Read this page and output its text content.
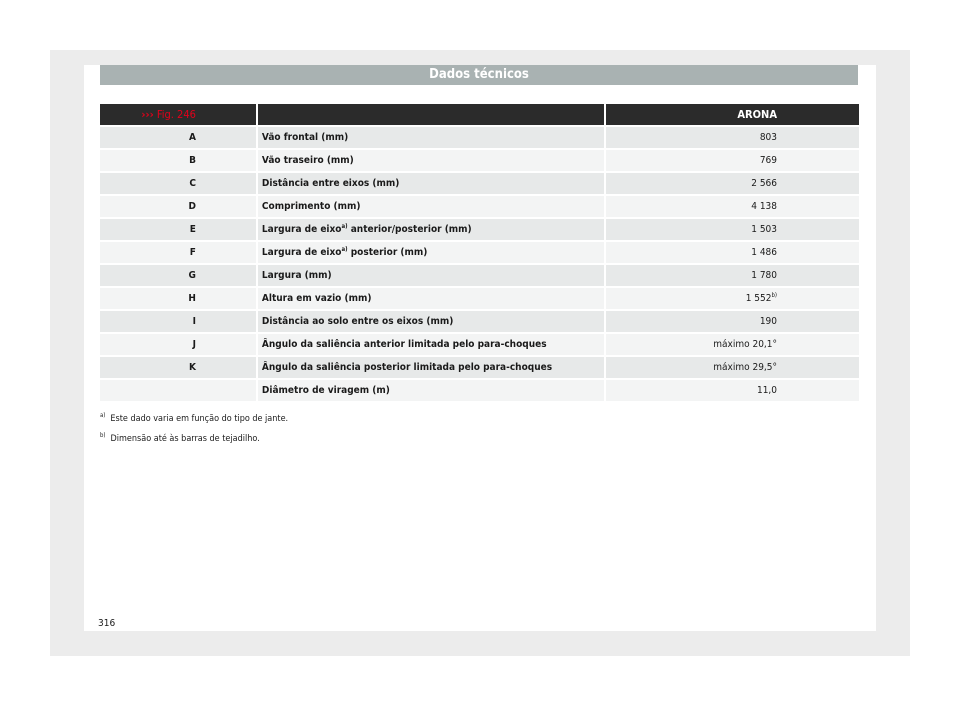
Dados técnicos
››› Fig. 246		ARONA
A	Vão frontal (mm)	803
B	Vão traseiro (mm)	769
C	Distância entre eixos (mm)	2 566
D	Comprimento (mm)	4 138
E	Largura de eixo$^{a)}$ anterior/posterior (mm)	1 503
F	Largura de eixo$^{a)}$ posterior (mm)	1 486
G	Largura (mm)	1 780
H	Altura em vazio (mm)	1 552$^{b)}$
I	Distância ao solo entre os eixos (mm)	190
J	Ângulo da saliência anterior limitada pelo para-choques	máximo 20,1°
K	Ângulo da saliência posterior limitada pelo para-choques	máximo 29,5°
	Diâmetro de viragem (m)	11,0
$^{a)}$ Este dado varia em função do tipo de jante.
$^{b)}$ Dimensão até às barras de tejadilho.
316
